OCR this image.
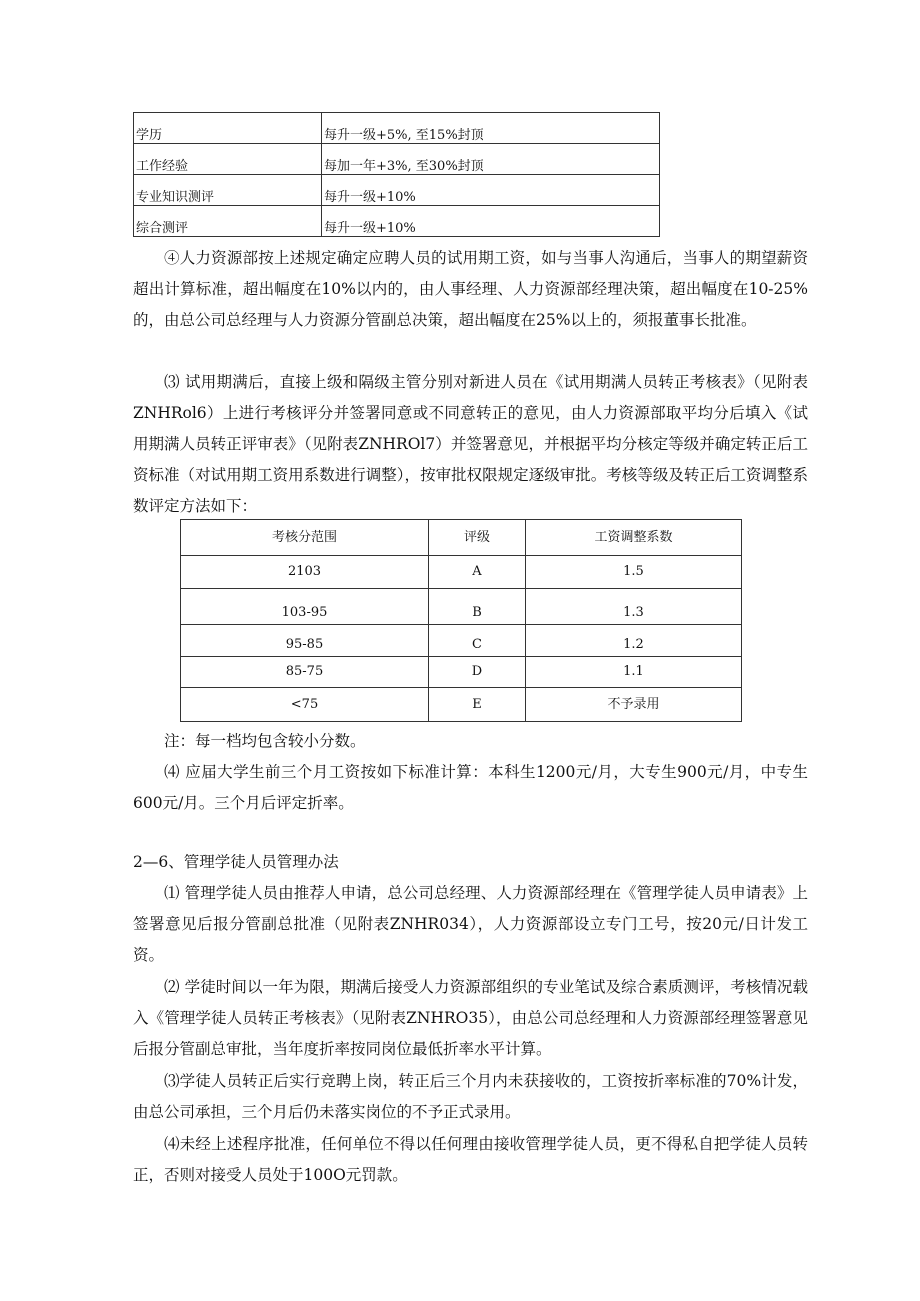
学历	每升一级+5%, 至15%封顶
工作经验	每加一年+3%, 至30%封顶
专业知识测评	每升一级+10%
综合测评	每升一级+10%

④人力资源部按上述规定确定应聘人员的试用期工资，如与当事人沟通后，当事人的期望薪资超出计算标准，超出幅度在10%以内的，由人事经理、人力资源部经理决策，超出幅度在10-25%的，由总公司总经理与人力资源分管副总决策，超出幅度在25%以上的，须报董事长批准。

⑶ 试用期满后，直接上级和隔级主管分别对新进人员在《试用期满人员转正考核表》（见附表ZNHRol6）上进行考核评分并签署同意或不同意转正的意见，由人力资源部取平均分后填入《试用期满人员转正评审表》（见附表ZNHROl7）并签署意见，并根据平均分核定等级并确定转正后工资标准（对试用期工资用系数进行调整），按审批权限规定逐级审批。考核等级及转正后工资调整系数评定方法如下：

考核分范围	评级	工资调整系数
2103	A	1.5
103-95	B	1.3
95-85	C	1.2
85-75	D	1.1
<75	E	不予录用

注：每一档均包含较小分数。

⑷ 应届大学生前三个月工资按如下标准计算：本科生1200元/月，大专生900元/月，中专生600元/月。三个月后评定折率。

2—6、管理学徒人员管理办法

⑴ 管理学徒人员由推荐人申请，总公司总经理、人力资源部经理在《管理学徒人员申请表》上签署意见后报分管副总批准（见附表ZNHR034），人力资源部设立专门工号，按20元/日计发工资。

⑵ 学徒时间以一年为限，期满后接受人力资源部组织的专业笔试及综合素质测评，考核情况载入《管理学徒人员转正考核表》（见附表ZNHRO35），由总公司总经理和人力资源部经理签署意见后报分管副总审批，当年度折率按同岗位最低折率水平计算。

⑶学徒人员转正后实行竞聘上岗，转正后三个月内未获接收的，工资按折率标准的70%计发，由总公司承担，三个月后仍未落实岗位的不予正式录用。

⑷未经上述程序批准，任何单位不得以任何理由接收管理学徒人员，更不得私自把学徒人员转正，否则对接受人员处于100O元罚款。
